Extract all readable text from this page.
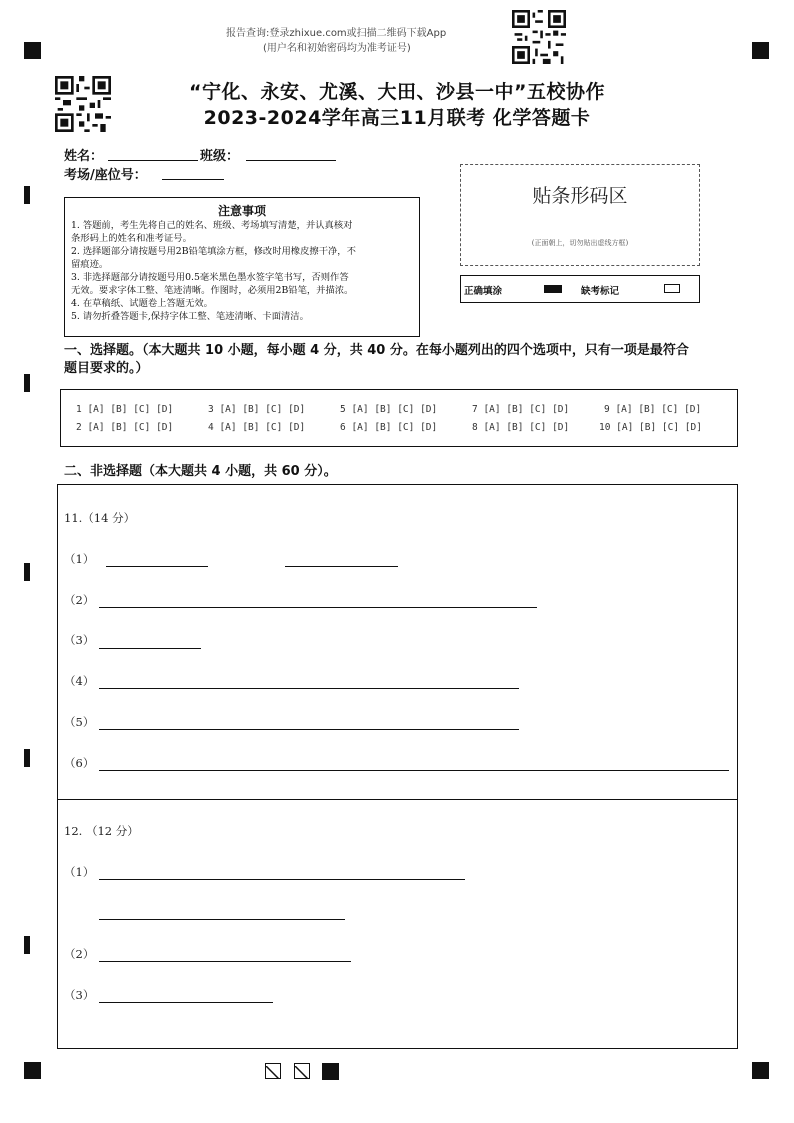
报告查询:登录zhixue.com或扫描二维码下载App
(用户名和初始密码均为准考证号)
“宁化、永安、尤溪、大田、沙县一中”五校协作
2023-2024学年高三11月联考 化学答题卡
姓名：	班级：
考场/座位号：
注意事项
1. 答题前，考生先将自己的姓名、班级、考场填写清楚，并认真核对
条形码上的姓名和准考证号。
2. 选择题部分请按题号用2B铅笔填涂方框，修改时用橡皮擦干净，不
留痕迹。
3. 非选择题部分请按题号用0.5毫米黑色墨水签字笔书写，否则作答
无效。要求字体工整、笔迹清晰。作图时，必须用2B铅笔，并描浓。
4. 在草稿纸、试题卷上答题无效。
5. 请勿折叠答题卡,保持字体工整、笔迹清晰、卡面清洁。
贴条形码区
(正面朝上，切勿贴出虚线方框)
正确填涂	缺考标记
一、选择题。（本大题共 10 小题，每小题 4 分，共 40 分。在每小题列出的四个选项中，只有一项是最符合
题目要求的。）
1 [A] [B] [C] [D]
2 [A] [B] [C] [D]
3 [A] [B] [C] [D]
4 [A] [B] [C] [D]
5 [A] [B] [C] [D]
6 [A] [B] [C] [D]
7 [A] [B] [C] [D]
8 [A] [B] [C] [D]
9 [A] [B] [C] [D]
10 [A] [B] [C] [D]
二、非选择题（本大题共 4 小题，共 60 分）。
11.（14 分）
（1）
（2）
（3）
（4）
（5）
（6）
12. （12 分）
（1）
（2）
（3）
